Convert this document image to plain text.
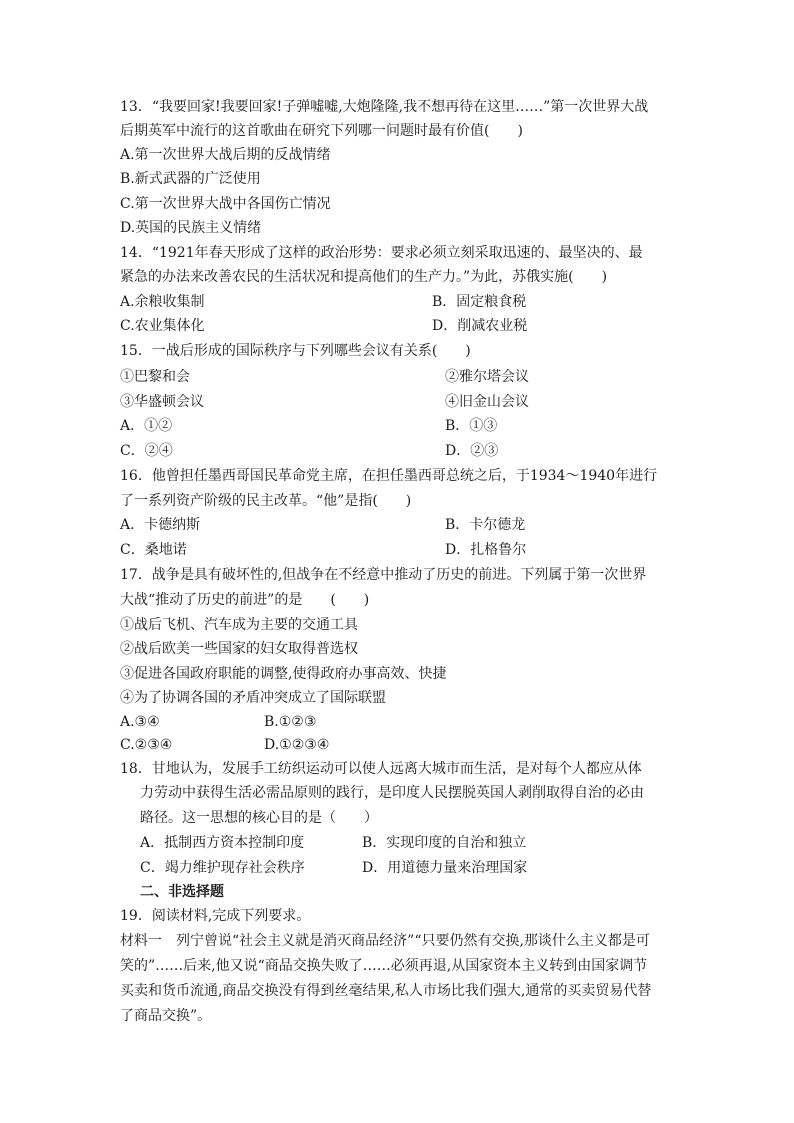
13．“我要回家!我要回家!子弹嘘嘘,大炮隆隆,我不想再待在这里……”第一次世界大战
后期英军中流行的这首歌曲在研究下列哪一问题时最有价值(　　)
A.第一次世界大战后期的反战情绪
B.新式武器的广泛使用
C.第一次世界大战中各国伤亡情况
D.英国的民族主义情绪
14．“1921年春天形成了这样的政治形势：要求必须立刻采取迅速的、最坚决的、最
紧急的办法来改善农民的生活状况和提高他们的生产力。”为此，苏俄实施(　　)
A.余粮收集制	B．固定粮食税
C.农业集体化	D．削减农业税
15．一战后形成的国际秩序与下列哪些会议有关系(　　)
①巴黎和会	②雅尔塔会议
③华盛顿会议	④旧金山会议
A．①②	B．①③
C．②④	D．②③
16．他曾担任墨西哥国民革命党主席，在担任墨西哥总统之后，于1934～1940年进行
了一系列资产阶级的民主改革。“他”是指(　　)
A．卡德纳斯	B．卡尔德龙
C．桑地诺	D．扎格鲁尔
17．战争是具有破坏性的,但战争在不经意中推动了历史的前进。下列属于第一次世界
大战“推动了历史的前进”的是　　(　　)
①战后飞机、汽车成为主要的交通工具
②战后欧美一些国家的妇女取得普选权
③促进各国政府职能的调整,使得政府办事高效、快捷
④为了协调各国的矛盾冲突成立了国际联盟
A.③④	B.①②③
C.②③④	D.①②③④
18．甘地认为，发展手工纺织运动可以使人远离大城市而生活，是对每个人都应从体
力劳动中获得生活必需品原则的践行，是印度人民摆脱英国人剥削取得自治的必由
路径。这一思想的核心目的是（　　）
A．抵制西方资本控制印度	B．实现印度的自治和独立
C．竭力维护现存社会秩序	D．用道德力量来治理国家
二、非选择题
19．阅读材料,完成下列要求。
材料一　列宁曾说“社会主义就是消灭商品经济”“只要仍然有交换,那谈什么主义都是可
笑的”……后来,他又说“商品交换失败了……必须再退,从国家资本主义转到由国家调节
买卖和货币流通,商品交换没有得到丝毫结果,私人市场比我们强大,通常的买卖贸易代替
了商品交换”。
